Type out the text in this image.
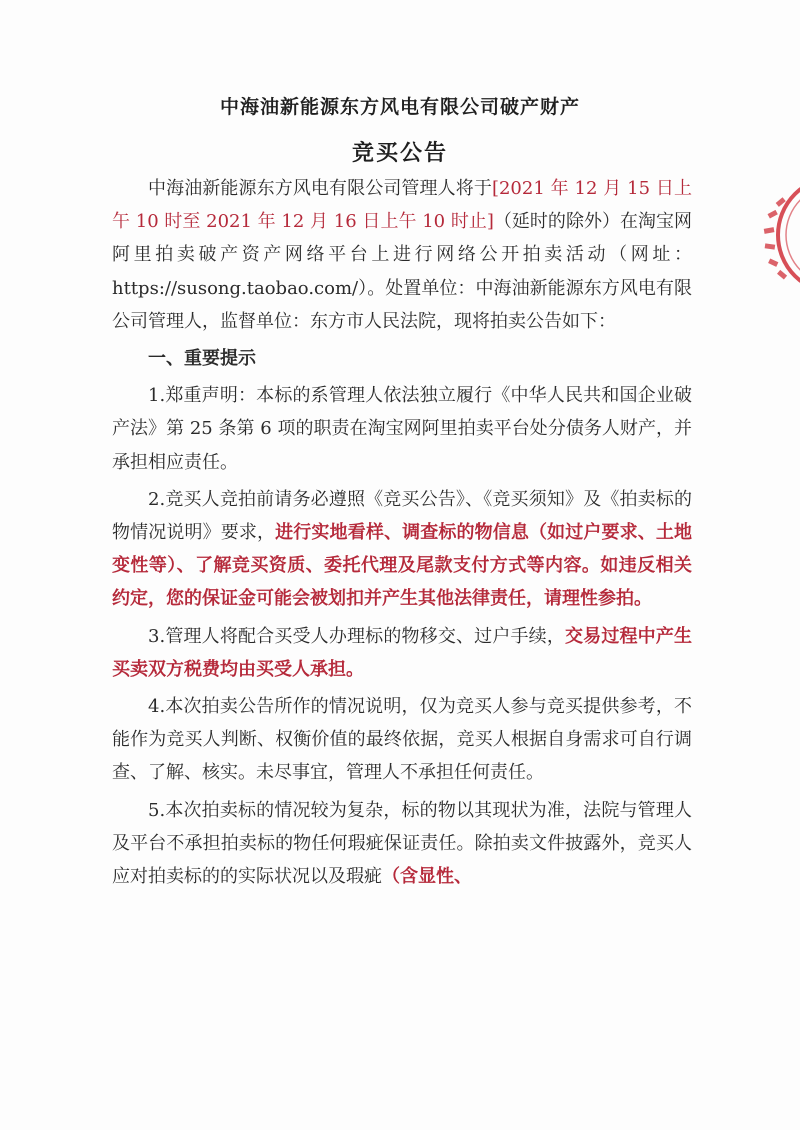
中海油新能源东方风电有限公司破产财产
竞买公告

中海油新能源东方风电有限公司管理人将于[2021 年 12 月 15 日上午 10 时至 2021 年 12 月 16 日上午 10 时止]（延时的除外）在淘宝网阿里拍卖破产资产网络平台上进行网络公开拍卖活动（网址：https://susong.taobao.com/）。处置单位：中海油新能源东方风电有限公司管理人，监督单位：东方市人民法院，现将拍卖公告如下：

一、重要提示

1.郑重声明：本标的系管理人依法独立履行《中华人民共和国企业破产法》第 25 条第 6 项的职责在淘宝网阿里拍卖平台处分债务人财产，并承担相应责任。

2.竞买人竞拍前请务必遵照《竞买公告》、《竞买须知》及《拍卖标的物情况说明》要求，进行实地看样、调查标的物信息（如过户要求、土地变性等）、了解竞买资质、委托代理及尾款支付方式等内容。如违反相关约定，您的保证金可能会被划扣并产生其他法律责任，请理性参拍。

3.管理人将配合买受人办理标的物移交、过户手续，交易过程中产生买卖双方税费均由买受人承担。

4.本次拍卖公告所作的情况说明，仅为竞买人参与竞买提供参考，不能作为竞买人判断、权衡价值的最终依据，竞买人根据自身需求可自行调查、了解、核实。未尽事宜，管理人不承担任何责任。

5.本次拍卖标的情况较为复杂，标的物以其现状为准，法院与管理人及平台不承担拍卖标的物任何瑕疵保证责任。除拍卖文件披露外，竞买人应对拍卖标的的实际状况以及瑕疵（含显性、
